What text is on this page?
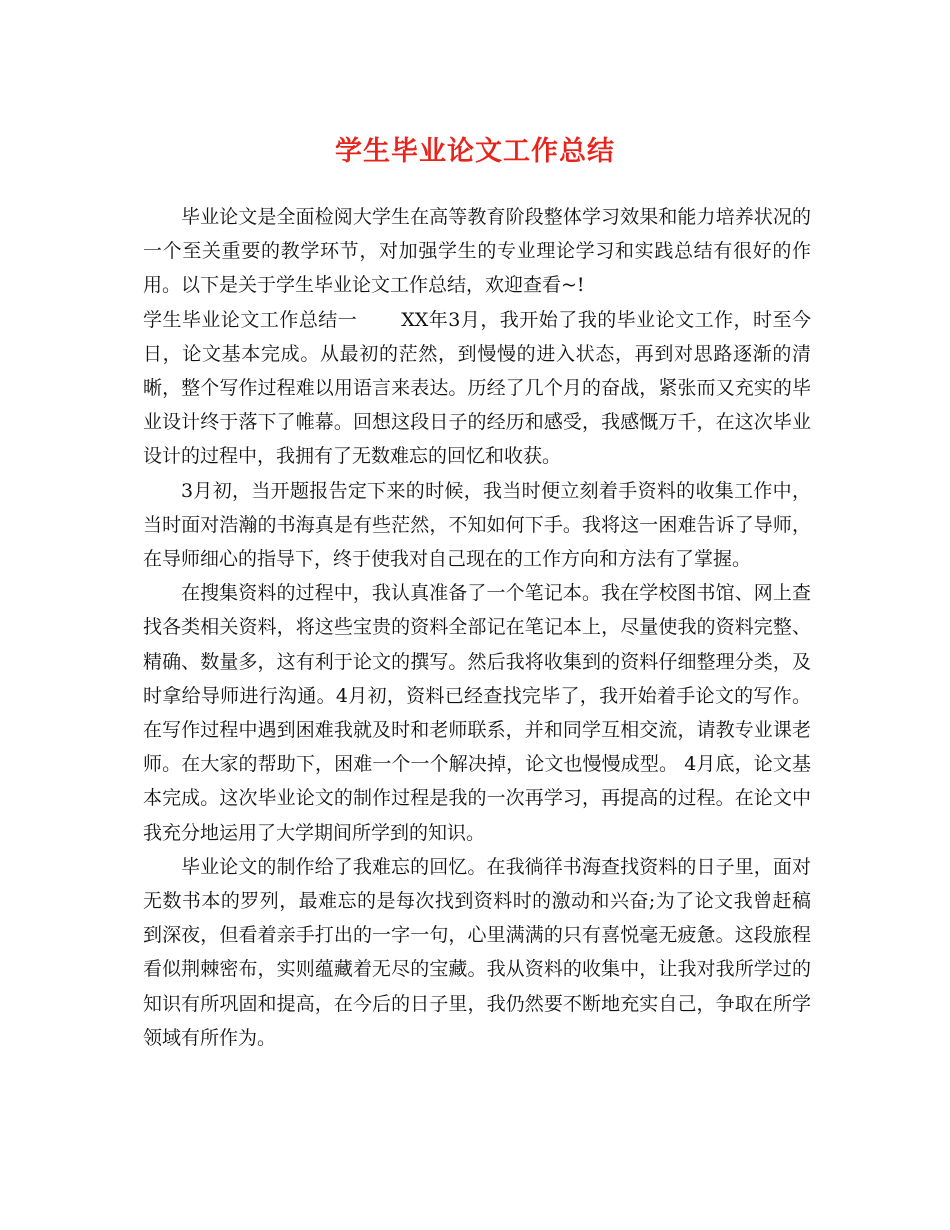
学生毕业论文工作总结

毕业论文是全面检阅大学生在高等教育阶段整体学习效果和能力培养状况的一个至关重要的教学环节，对加强学生的专业理论学习和实践总结有很好的作用。以下是关于学生毕业论文工作总结，欢迎查看~!

学生毕业论文工作总结一 XX年3月，我开始了我的毕业论文工作，时至今日，论文基本完成。从最初的茫然，到慢慢的进入状态，再到对思路逐渐的清晰，整个写作过程难以用语言来表达。历经了几个月的奋战，紧张而又充实的毕业设计终于落下了帷幕。回想这段日子的经历和感受，我感慨万千，在这次毕业设计的过程中，我拥有了无数难忘的回忆和收获。

3月初，当开题报告定下来的时候，我当时便立刻着手资料的收集工作中，当时面对浩瀚的书海真是有些茫然，不知如何下手。我将这一困难告诉了导师，在导师细心的指导下，终于使我对自己现在的工作方向和方法有了掌握。

在搜集资料的过程中，我认真准备了一个笔记本。我在学校图书馆、网上查找各类相关资料，将这些宝贵的资料全部记在笔记本上，尽量使我的资料完整、精确、数量多，这有利于论文的撰写。然后我将收集到的资料仔细整理分类，及时拿给导师进行沟通。4月初，资料已经查找完毕了，我开始着手论文的写作。在写作过程中遇到困难我就及时和老师联系，并和同学互相交流，请教专业课老师。在大家的帮助下，困难一个一个解决掉，论文也慢慢成型。 4月底，论文基本完成。这次毕业论文的制作过程是我的一次再学习，再提高的过程。在论文中我充分地运用了大学期间所学到的知识。

毕业论文的制作给了我难忘的回忆。在我徜徉书海查找资料的日子里，面对无数书本的罗列，最难忘的是每次找到资料时的激动和兴奋;为了论文我曾赶稿到深夜，但看着亲手打出的一字一句，心里满满的只有喜悦毫无疲惫。这段旅程看似荆棘密布，实则蕴藏着无尽的宝藏。我从资料的收集中，让我对我所学过的知识有所巩固和提高，在今后的日子里，我仍然要不断地充实自己，争取在所学领域有所作为。
